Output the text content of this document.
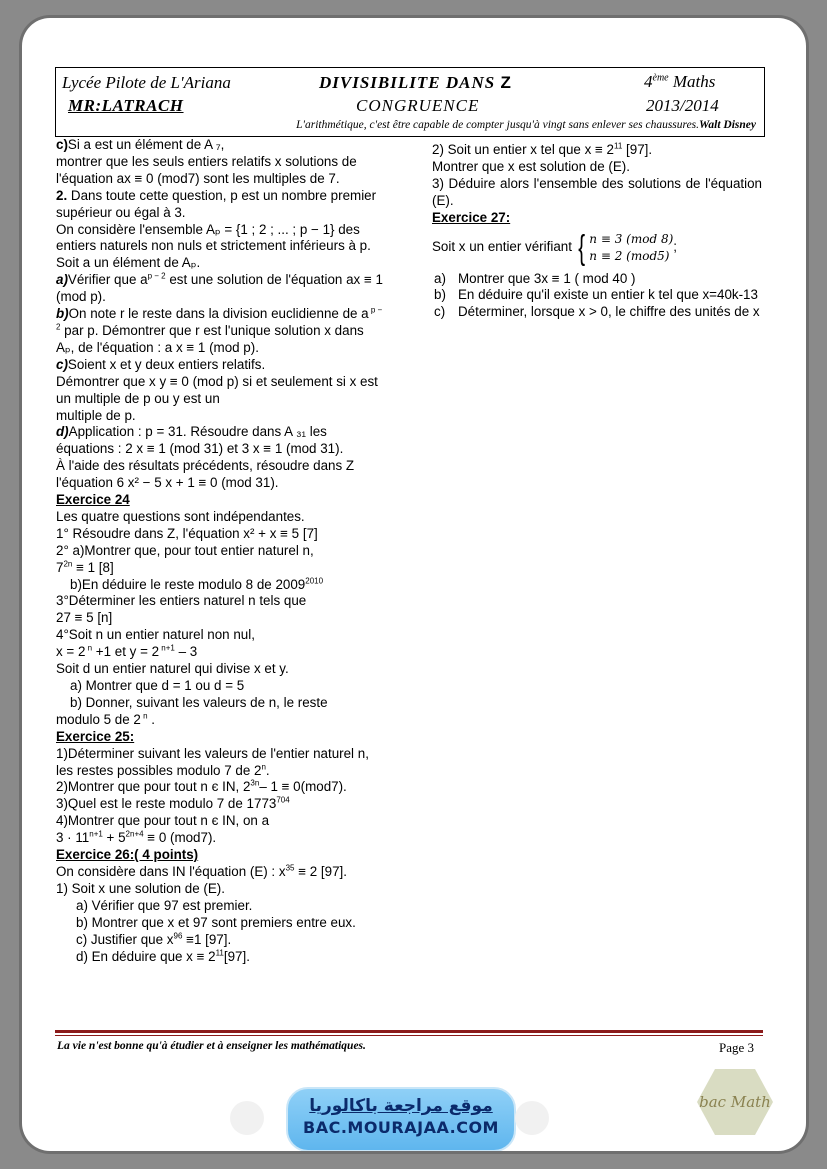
Lycée Pilote de L'Ariana
MR:LATRACH
DIVISIBILITE DANS Z
CONGRUENCE
4ème Maths
2013/2014
L'arithmétique, c'est être capable de compter jusqu'à vingt sans enlever ses chaussures.Walt Disney

c)Si a est un élément de A ₇,

montrer que les seuls entiers relatifs x solutions de

l'équation ax ≡ 0 (mod7) sont les multiples de 7.

2. Dans toute cette question, p est un nombre premier supérieur ou égal à 3.

On considère l'ensemble Aₚ = {1 ; 2 ; ... ; p − 1} des entiers naturels non nuls et strictement inférieurs à p.

Soit a un élément de Aₚ.

a)Vérifier que $a^{p - 2}$ est une solution de l'équation ax ≡ 1 (mod p).

b)On note r le reste dans la division euclidienne de a $^{p - 2}$ par p. Démontrer que r est l'unique solution x dans Aₚ, de l'équation : a x ≡ 1 (mod p).

c)Soient x et y deux entiers relatifs.

Démontrer que x y ≡ 0 (mod p) si et seulement si x est un multiple de p ou y est un

multiple de p.

d)Application : p = 31. Résoudre dans A ₃₁ les équations : 2 x ≡ 1 (mod 31) et 3 x ≡ 1 (mod 31).

À l'aide des résultats précédents, résoudre dans Z l'équation 6 x² − 5 x + 1 ≡ 0 (mod 31).

Exercice 24

Les quatre questions sont indépendantes.

1° Résoudre dans Z, l'équation x² + x ≡ 5 [7]

2° a)Montrer que, pour tout entier naturel n,

$7^{2n} \equiv 1$ [8]

b)En déduire le reste modulo 8 de $2009^{2010}$

3°Déterminer les entiers naturel n tels que

27 ≡ 5 [n]

4°Soit n un entier naturel non nul,

x = 2 $^n$ +1 et y = 2 $^{n+1}$ – 3

Soit d un entier naturel qui divise x et y.

a) Montrer que d = 1 ou d = 5

b) Donner, suivant les valeurs de n, le reste

modulo 5 de 2 $^n$ .

Exercice 25:

1)Déterminer suivant les valeurs de l'entier naturel n, les restes possibles modulo 7 de 2$^n$.

2)Montrer que pour tout n є IN, $2^{3n}-$ 1 ≡ 0(mod7).

3)Quel est le reste modulo 7 de 1773$^{704}$

4)Montrer que pour tout n є IN, on a

$3 \cdot 11^{n+1} + 5^{2n+4} \equiv 0$ (mod7).

Exercice 26:( 4 points)

On considère dans IN l'équation (E) : $x^{35} \equiv 2$ [97].

1) Soit x une solution de (E).

a) Vérifier que 97 est premier.

b) Montrer que x et 97 sont premiers entre eux.

c) Justifier que $x^{96} \equiv 1$ [97].

d) En déduire que $x \equiv 2^{11}[97]$.

2) Soit un entier x tel que $x \equiv 2^{11}$ [97].

Montrer que x est solution de (E).

3) Déduire alors l'ensemble des solutions de l'équation (E).

Exercice 27:

Soit x un entier vérifiant { n ≡ 3 (mod 8)
n ≡ 2 (mod5)
;
a) Montrer que 3x ≡ 1 ( mod 40 )
b) En déduire qu'il existe un entier k tel que x=40k-13
c) Déterminer, lorsque x > 0, le chiffre des unités de x
La vie n'est bonne qu'à étudier et à enseigner les mathématiques.	Page 3
موقع مراجعة باكالوريا
BAC.MOURAJAA.COM
bac Math
